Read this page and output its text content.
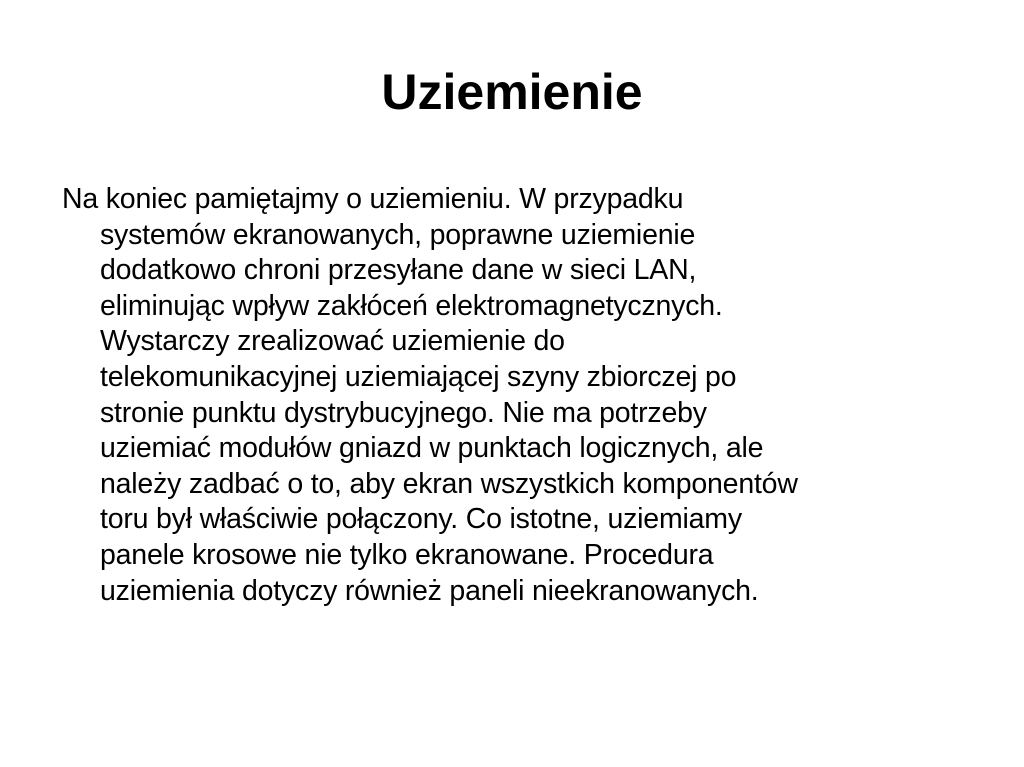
Uziemienie
Na koniec pamiętajmy o uziemieniu. W przypadku
systemów ekranowanych, poprawne uziemienie
dodatkowo chroni przesyłane dane w sieci LAN,
eliminując wpływ zakłóceń elektromagnetycznych.
Wystarczy zrealizować uziemienie do
telekomunikacyjnej uziemiającej szyny zbiorczej po
stronie punktu dystrybucyjnego. Nie ma potrzeby
uziemiać modułów gniazd w punktach logicznych, ale
należy zadbać o to, aby ekran wszystkich komponentów
toru był właściwie połączony. Co istotne, uziemiamy
panele krosowe nie tylko ekranowane. Procedura
uziemienia dotyczy również paneli nieekranowanych.
